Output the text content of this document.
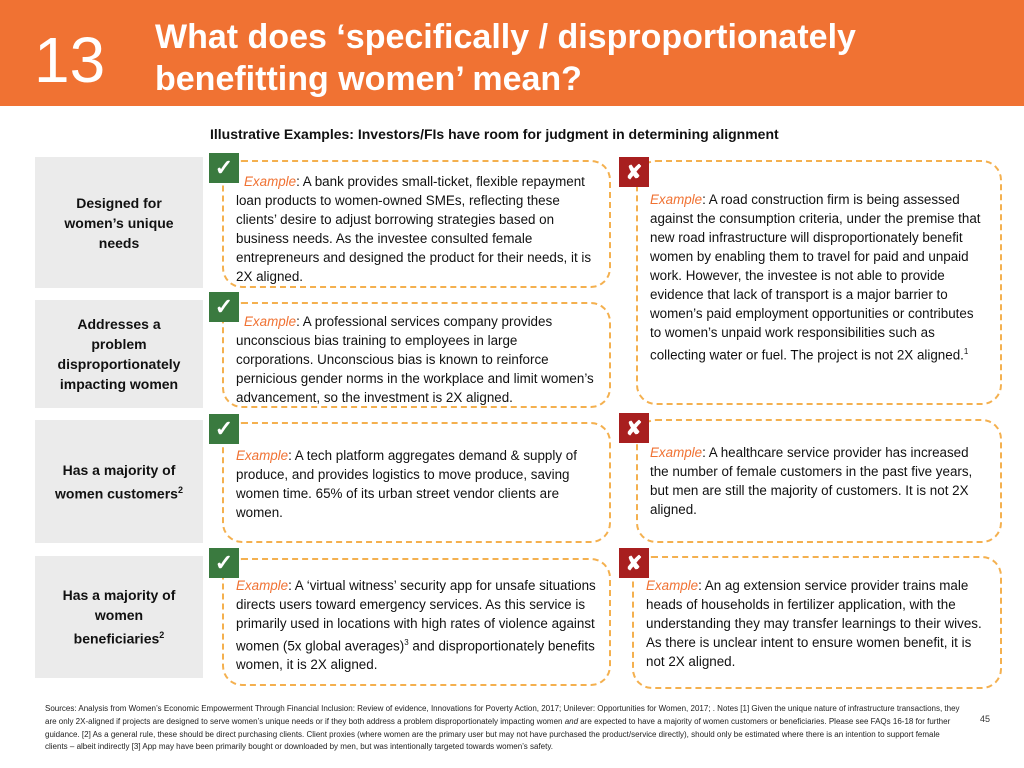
13 What does ‘specifically / disproportionately
benefitting women’ mean?
Illustrative Examples: Investors/FIs have room for judgment in determining alignment
Designed for
women’s unique
needs
Addresses a
problem
disproportionately
impacting women
Has a majority of
women customers$^2$
Has a majority of
women
beneficiaries$^2$
Example: A bank provides small-ticket, flexible repayment loan products to women-owned SMEs, reflecting these clients’ desire to adjust borrowing strategies based on business needs. As the investee consulted female entrepreneurs and designed the product for their needs, it is 2X aligned.
✓
Example: A professional services company provides unconscious bias training to employees in large corporations. Unconscious bias is known to reinforce pernicious gender norms in the workplace and limit women’s advancement, so the investment is 2X aligned.
✓
Example: A tech platform aggregates demand & supply of produce, and provides logistics to move produce, saving women time. 65% of its urban street vendor clients are women.
✓
Example: A ‘virtual witness’ security app for unsafe situations directs users toward emergency services. As this service is primarily used in locations with high rates of violence against women (5x global averages)$^3$ and disproportionately benefits women, it is 2X aligned.
✓
Example: A road construction firm is being assessed against the consumption criteria, under the premise that new road infrastructure will disproportionately benefit women by enabling them to travel for paid and unpaid work. However, the investee is not able to provide evidence that lack of transport is a major barrier to women’s paid employment opportunities or contributes to women’s unpaid work responsibilities such as collecting water or fuel. The project is not 2X aligned.$^1$
✘
Example: A healthcare service provider has increased the number of female customers in the past five years, but men are still the majority of customers. It is not 2X aligned.
✘
Example: An ag extension service provider trains male heads of households in fertilizer application, with the understanding they may transfer learnings to their wives. As there is unclear intent to ensure women benefit, it is not 2X aligned.
✘
Sources: Analysis from Women’s Economic Empowerment Through Financial Inclusion: Review of evidence, Innovations for Poverty Action, 2017; Unilever: Opportunities for Women, 2017; . Notes [1] Given the unique nature of infrastructure transactions, they are only 2X-aligned if projects are designed to serve women’s unique needs or if they both address a problem disproportionately impacting women and are expected to have a majority of women customers or beneficiaries. Please see FAQs 16-18 for further guidance. [2] As a general rule, these should be direct purchasing clients. Client proxies (where women are the primary user but may not have purchased the product/service directly), should only be estimated where there is an intention to support female clients – albeit indirectly [3] App may have been primarily bought or downloaded by men, but was intentionally targeted towards women’s safety.
45
